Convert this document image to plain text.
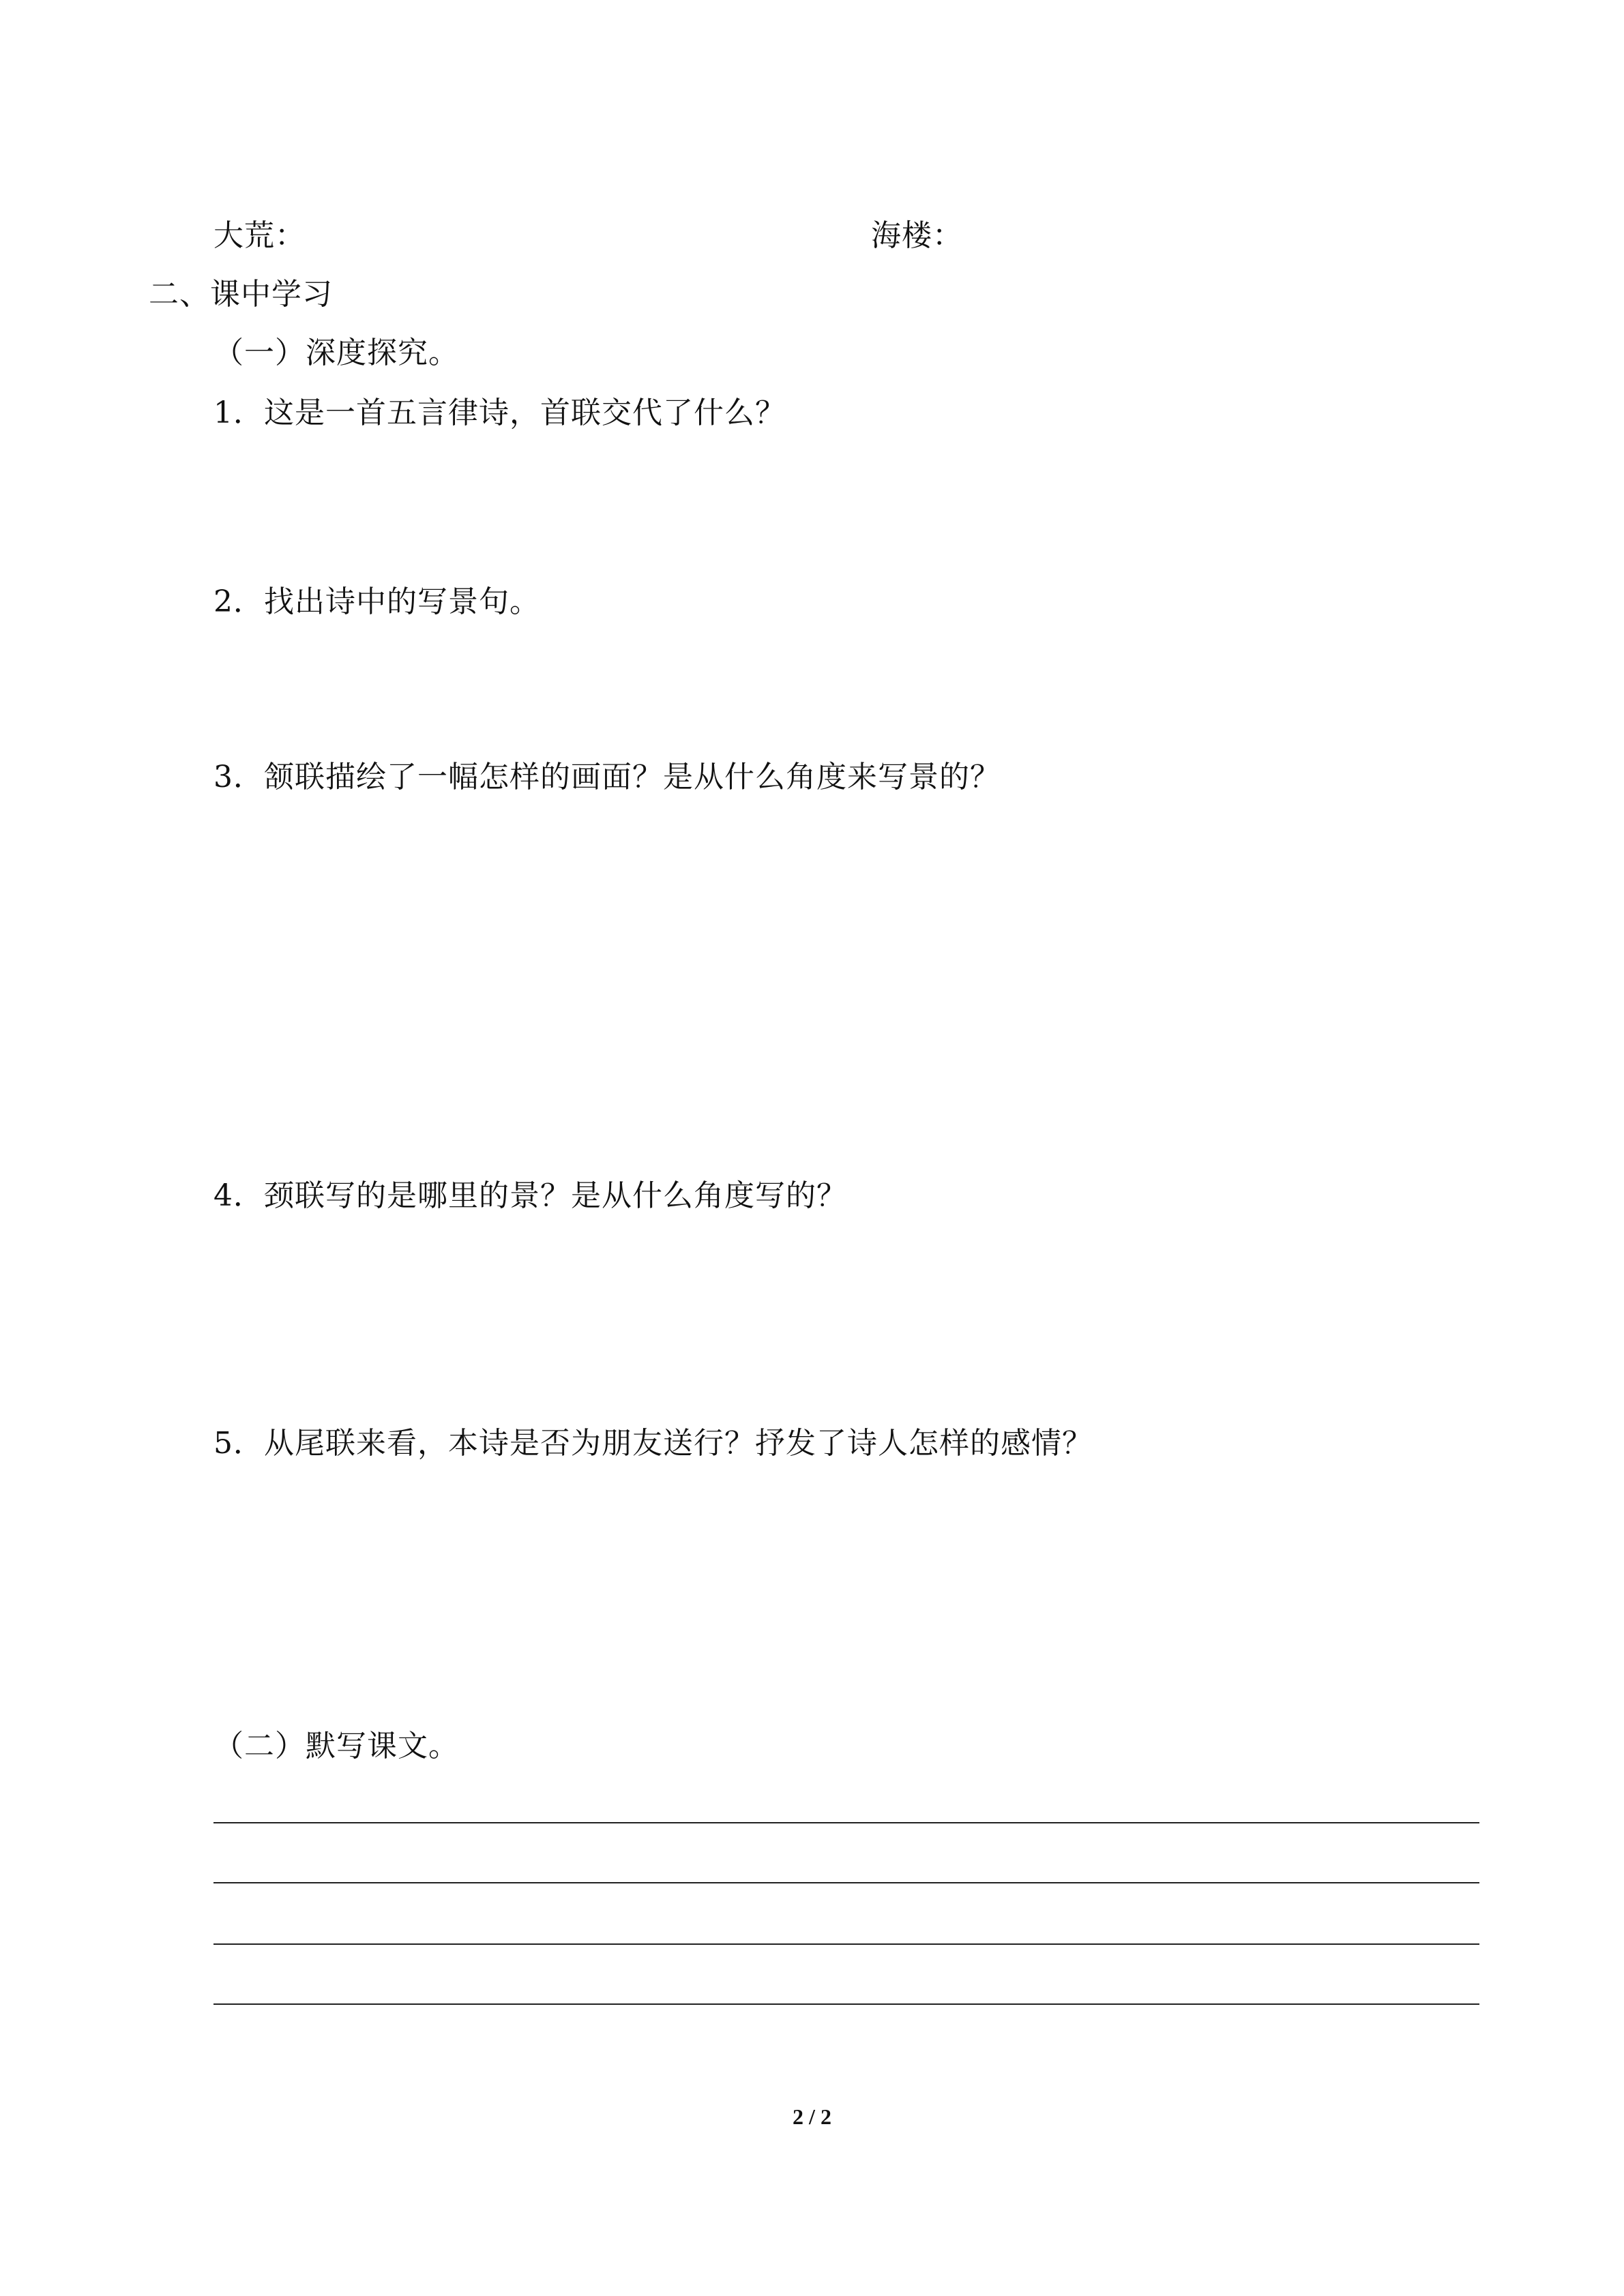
大荒：	海楼：
二、课中学习
（一）深度探究。
1．这是一首五言律诗，首联交代了什么？
2．找出诗中的写景句。
3．颔联描绘了一幅怎样的画面？是从什么角度来写景的？
4．颈联写的是哪里的景？是从什么角度写的？
5．从尾联来看，本诗是否为朋友送行？抒发了诗人怎样的感情？
（二）默写课文。
2 / 2
